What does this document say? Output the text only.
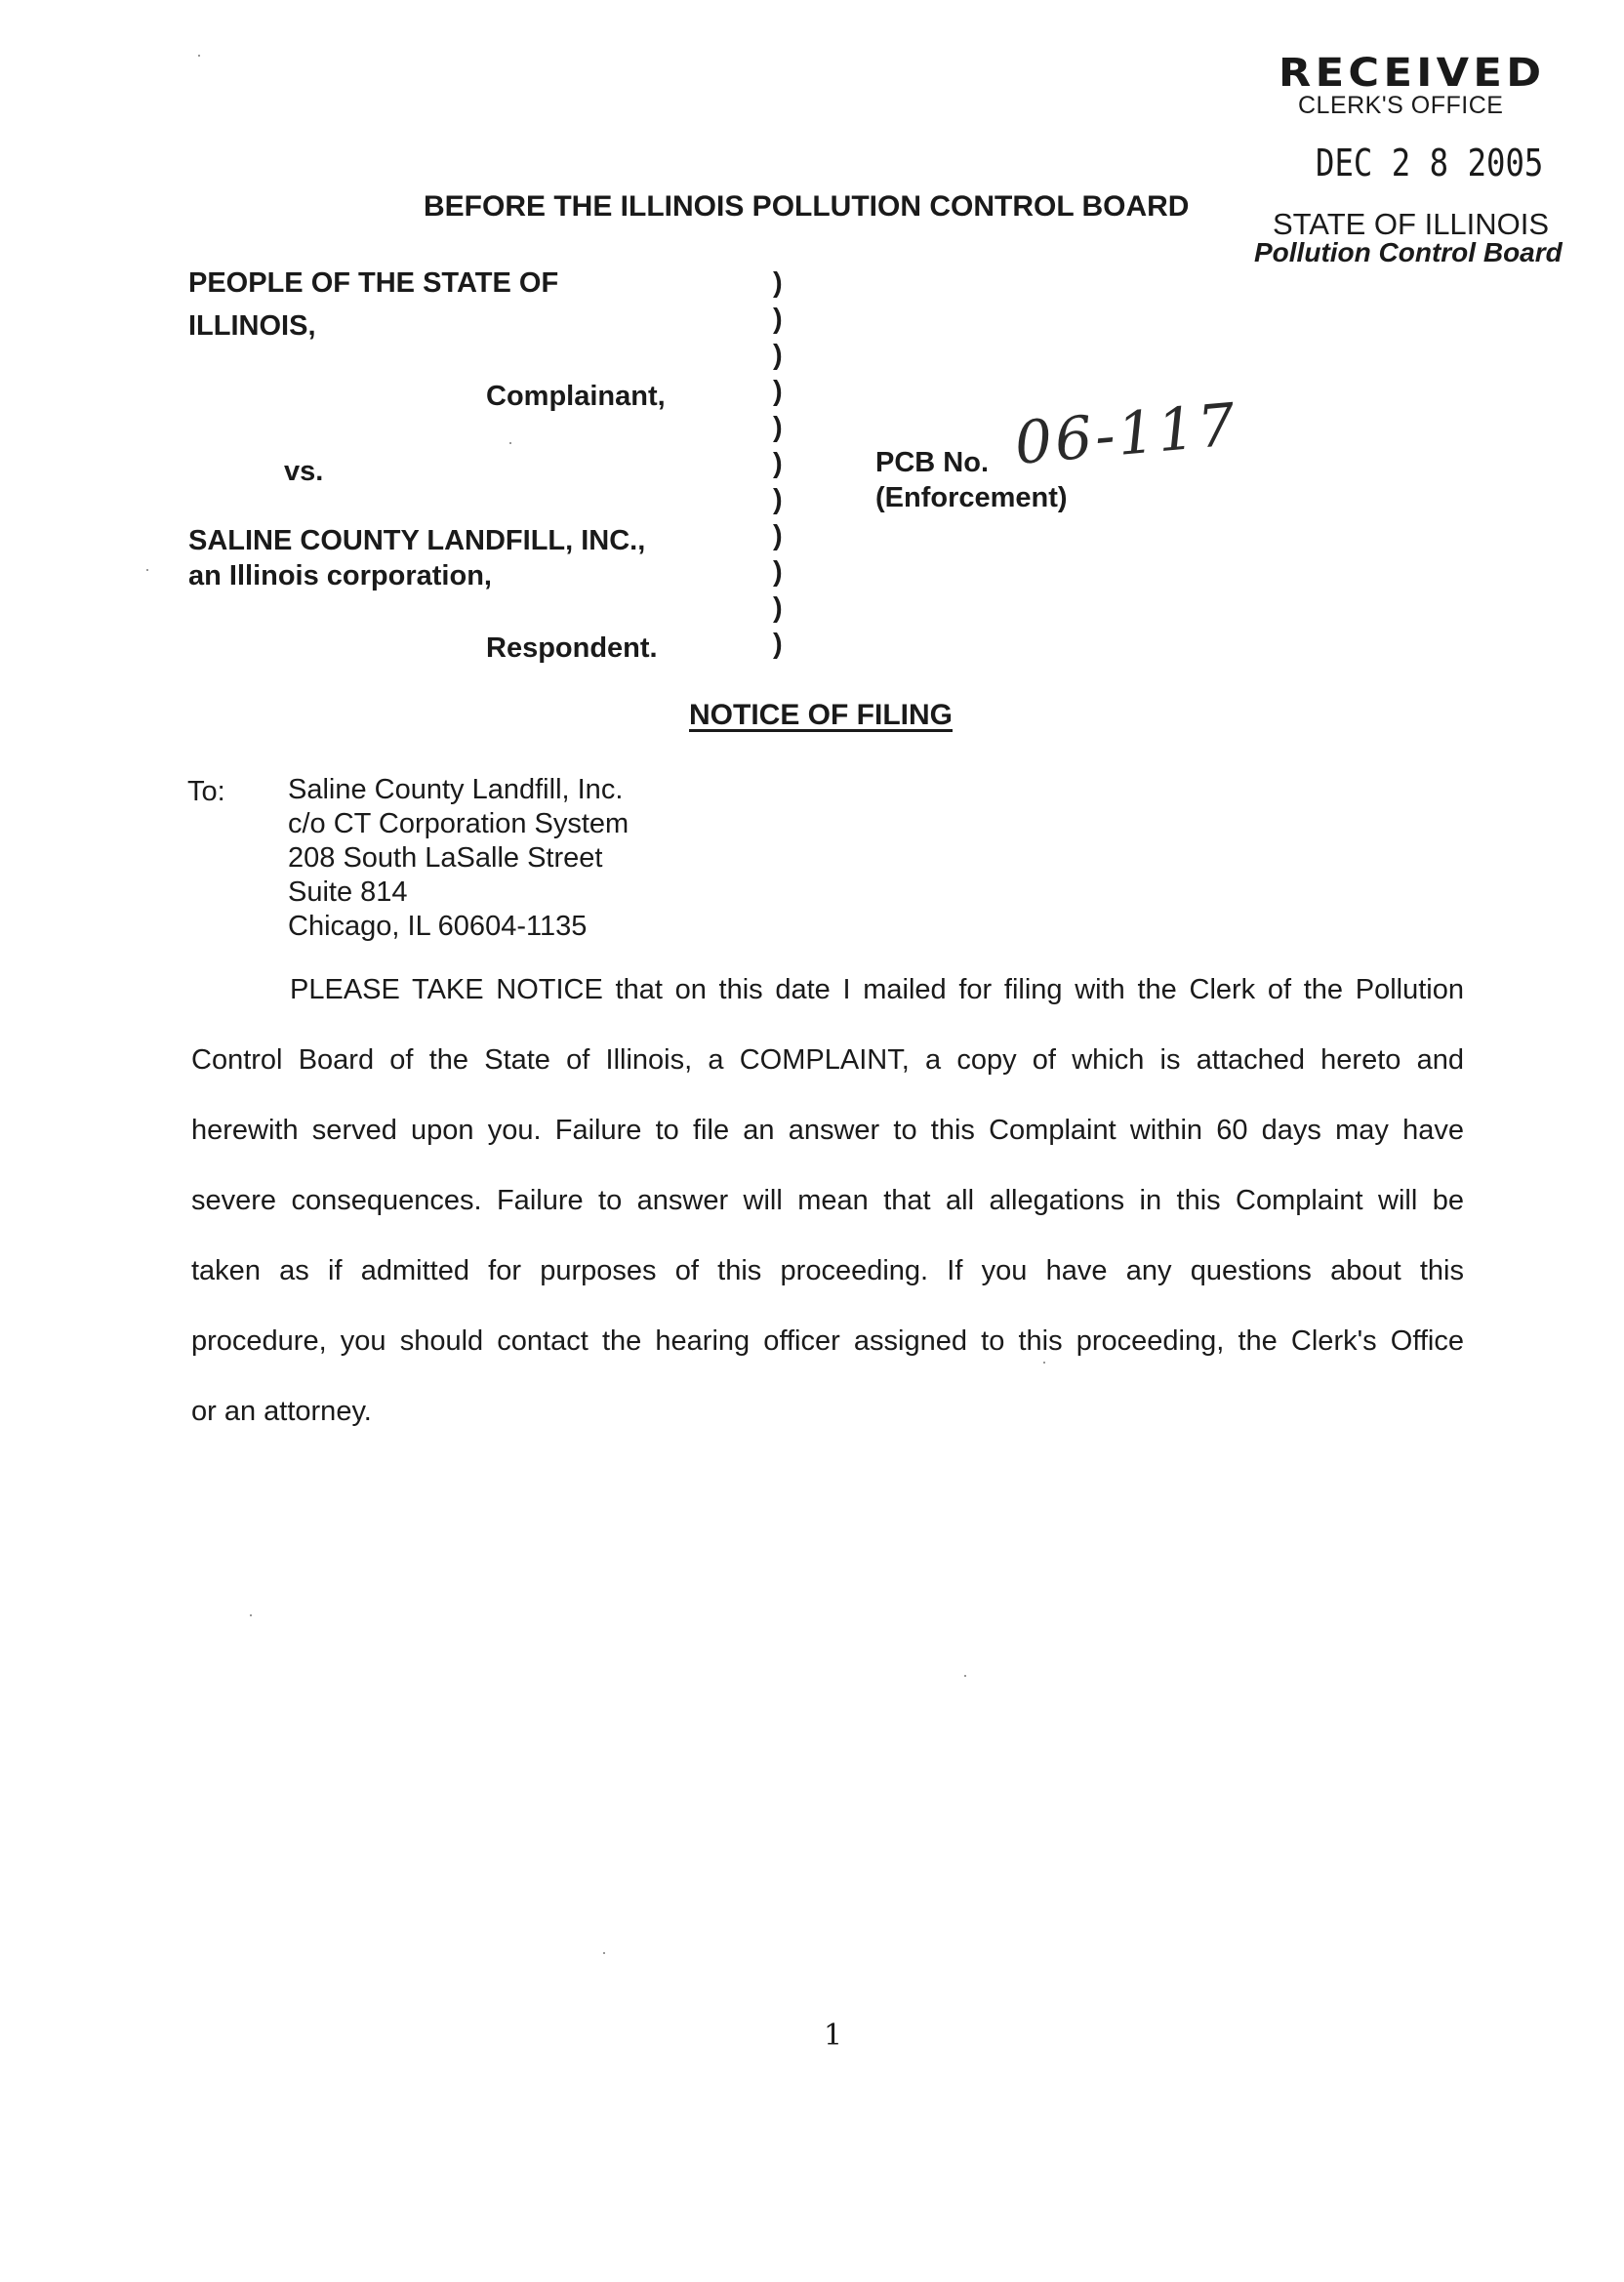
RECEIVED
CLERK'S OFFICE
DEC 2 8 2005
STATE OF ILLINOIS
Pollution Control Board
BEFORE THE ILLINOIS POLLUTION CONTROL BOARD
PEOPLE OF THE STATE OF
ILLINOIS,
Complainant,
vs.
SALINE COUNTY LANDFILL, INC.,
an Illinois corporation,
Respondent.
)
)
)
)
)
)
)
)
)
)
)
PCB No. 06-117
(Enforcement)
NOTICE OF FILING
To: Saline County Landfill, Inc.
c/o CT Corporation System
208 South LaSalle Street
Suite 814
Chicago, IL 60604-1135
PLEASE TAKE NOTICE that on this date I mailed for filing with the Clerk of the Pollution
Control Board of the State of Illinois, a COMPLAINT, a copy of which is attached hereto and
herewith served upon you. Failure to file an answer to this Complaint within 60 days may have
severe consequences. Failure to answer will mean that all allegations in this Complaint will be
taken as if admitted for purposes of this proceeding. If you have any questions about this
procedure, you should contact the hearing officer assigned to this proceeding, the Clerk's Office
or an attorney.
1
